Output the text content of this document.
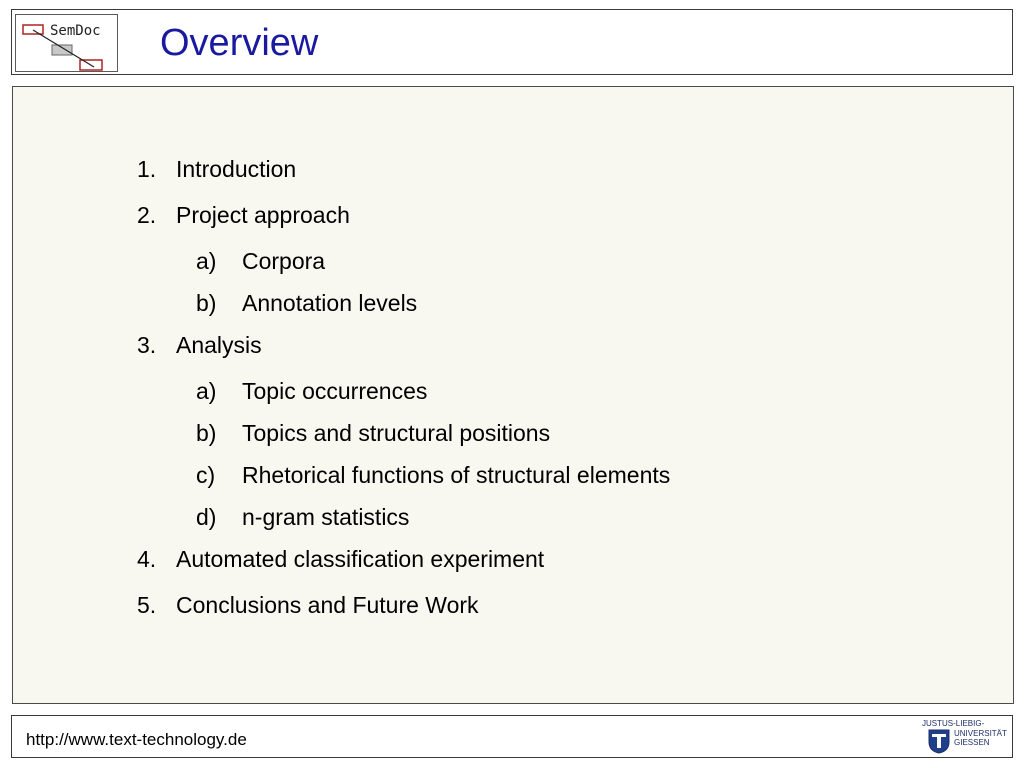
SemDoc Overview
1. Introduction
2. Project approach
a) Corpora
b) Annotation levels
3. Analysis
a) Topic occurrences
b) Topics and structural positions
c) Rhetorical functions of structural elements
d) n-gram statistics
4. Automated classification experiment
5. Conclusions and Future Work
http://www.text-technology.de
JUSTUS-LIEBIG-
UNIVERSITÄT
GIESSEN
